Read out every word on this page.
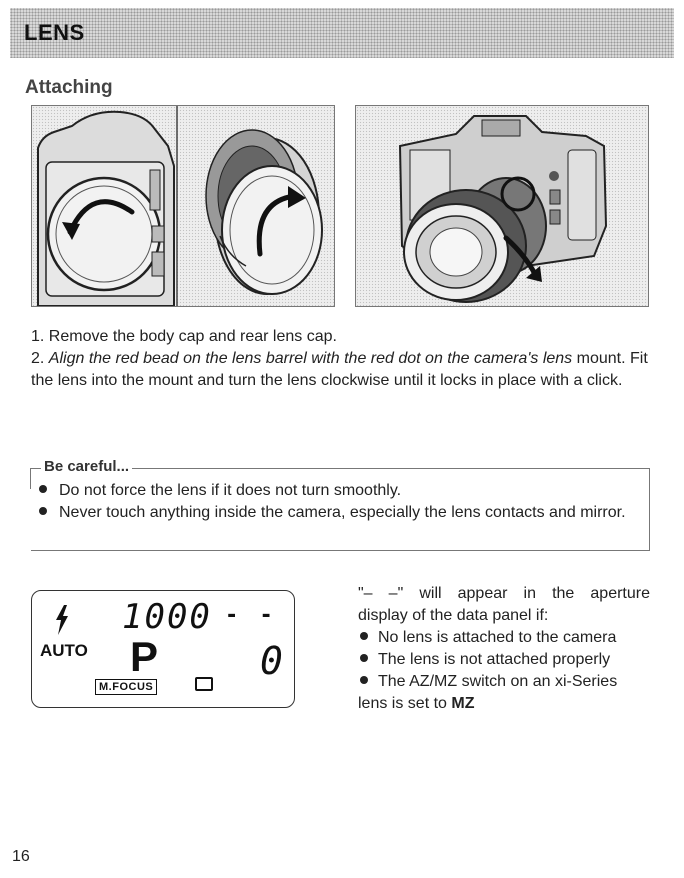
LENS
Attaching
1. Remove the body cap and rear lens cap.
2. Align the red bead on the lens barrel with the red dot on the camera's lens mount. Fit the lens into the mount and turn the lens clockwise until it locks in place with a click.
Be careful...
Do not force the lens if it does not turn smoothly.
Never touch anything inside the camera, especially the lens contacts and mirror.
1000 - -
AUTO P	0
M.FOCUS
"– –" will appear in the aperture
display of the data panel if:
No lens is attached to the camera
The lens is not attached properly
The AZ/MZ switch on an xi-Series
lens is set to MZ
16
